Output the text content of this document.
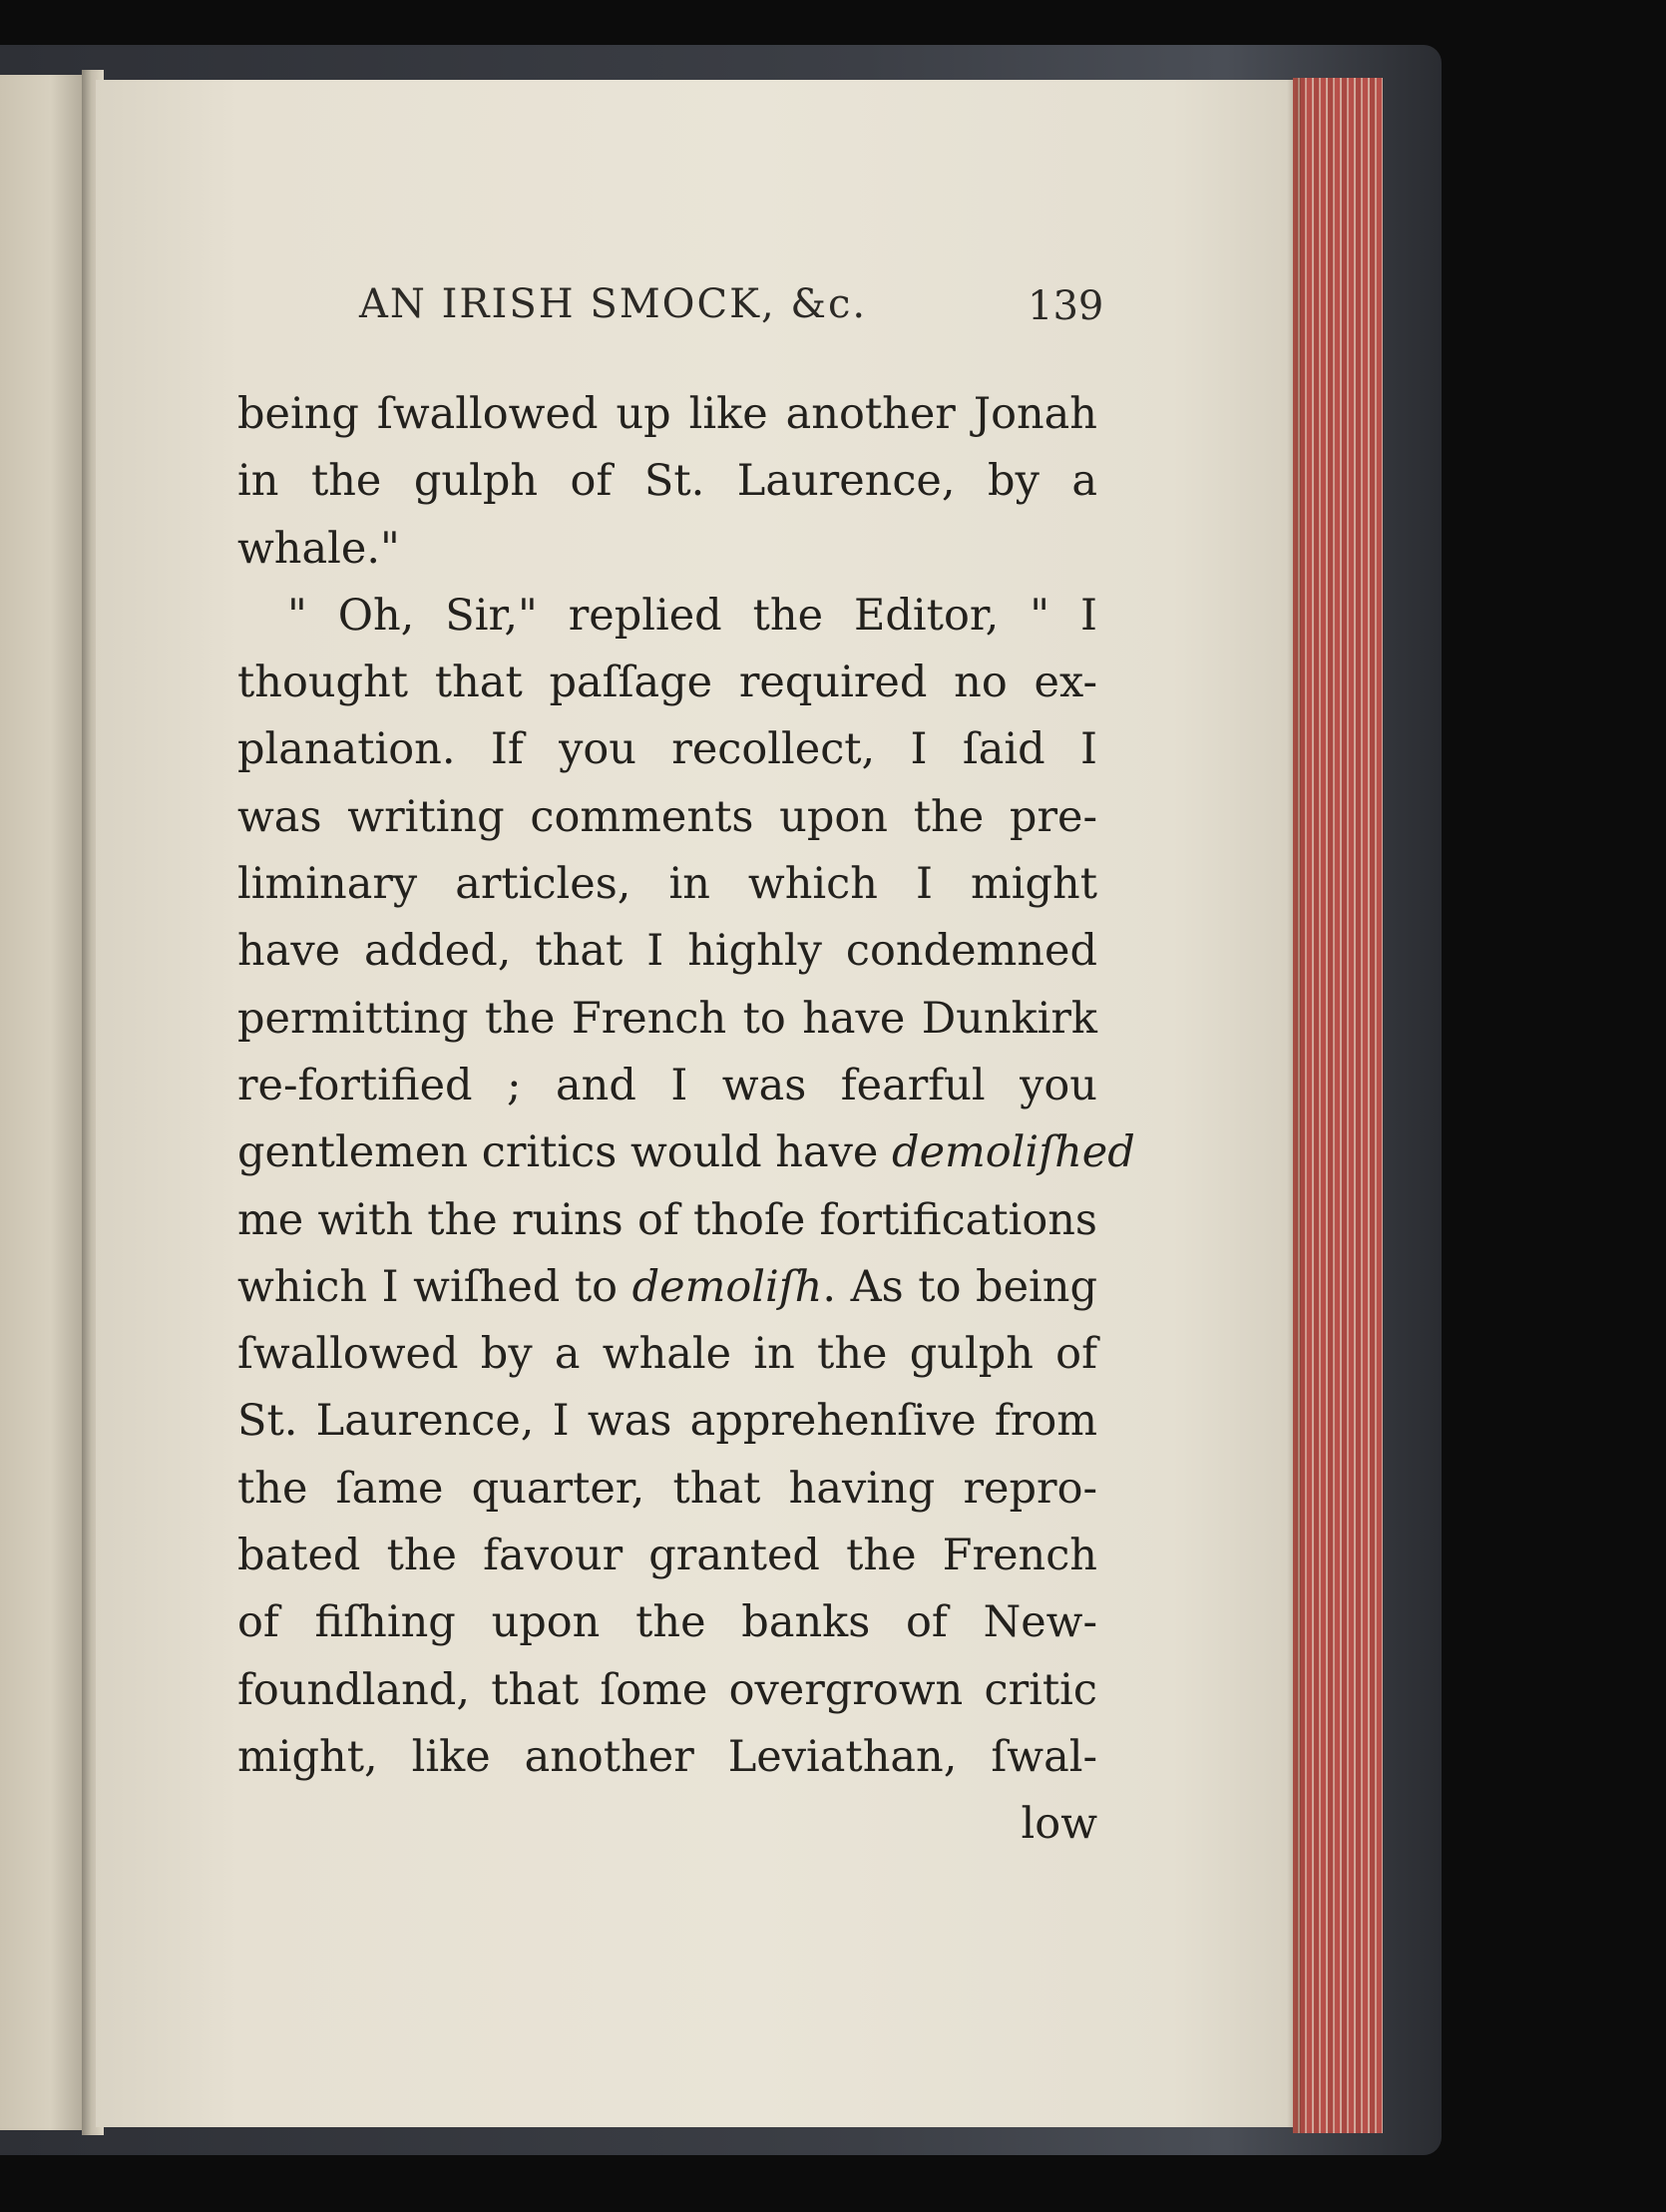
AN IRISH SMOCK, &c.	139
being ſwallowed up like another Jonah
in the gulph of St. Laurence, by a
whale."
" Oh, Sir," replied the Editor, " I
thought that paſſage required no ex-
planation. If you recollect, I ſaid I
was writing comments upon the pre-
liminary articles, in which I might
have added, that I highly condemned
permitting the French to have Dunkirk
re-fortified ; and I was fearful you
gentlemen critics would have demoliſhed
me with the ruins of thoſe fortifications
which I wiſhed to demoliſh. As to being
ſwallowed by a whale in the gulph of
St. Laurence, I was apprehenſive from
the ſame quarter, that having repro-
bated the favour granted the French
of fiſhing upon the banks of New-
foundland, that ſome overgrown critic
might, like another Leviathan, ſwal-
low
